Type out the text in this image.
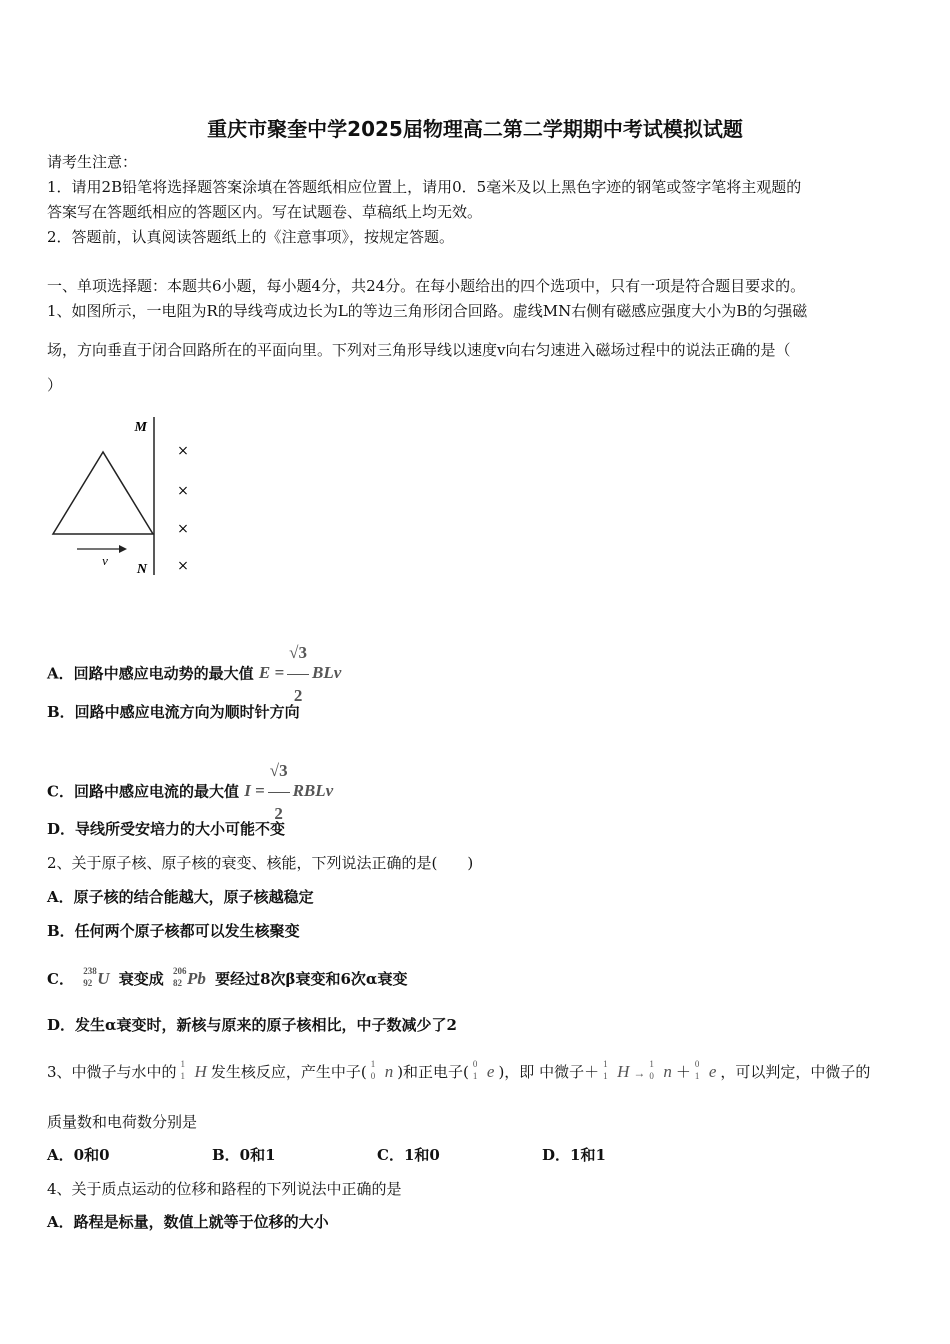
重庆市聚奎中学2025届物理高二第二学期期中考试模拟试题
请考生注意：
1．请用2B铅笔将选择题答案涂填在答题纸相应位置上，请用0．5毫米及以上黑色字迹的钢笔或签字笔将主观题的
答案写在答题纸相应的答题区内。写在试题卷、草稿纸上均无效。
2．答题前，认真阅读答题纸上的《注意事项》，按规定答题。
一、单项选择题：本题共6小题，每小题4分，共24分。在每小题给出的四个选项中，只有一项是符合题目要求的。
1、如图所示，一电阻为R的导线弯成边长为L的等边三角形闭合回路。虚线MN右侧有磁感应强度大小为B的匀强磁
场，方向垂直于闭合回路所在的平面向里。下列对三角形导线以速度v向右匀速进入磁场过程中的说法正确的是（
）
M
N
v
×
×
×
×
A．回路中感应电动势的最大值 $E = \frac{√3}{2}$ BLv
B．回路中感应电流方向为顺时针方向
C．回路中感应电流的最大值 $I = \frac{√3}{2}$ RBLv
D．导线所受安培力的大小可能不变
2、关于原子核、原子核的衰变、核能，下列说法正确的是(　　)
A．原子核的结合能越大，原子核越稳定
B．任何两个原子核都可以发生核聚变
C． 238
92 U 衰变成 206
82 Pb 要经过8次β衰变和6次α衰变
D．发生α衰变时，新核与原来的原子核相比，中子数减少了2
3、中微子与水中的 1
1 H 发生核反应，产生中子( 1
0 n )和正电子( 0
1 e )，即 中微子＋ 1
1 H →
1
0 n ＋ 0
1 e ，可以判定，中微子的
质量数和电荷数分别是
A．0和0	B．0和1	C．1和0	D．1和1
4、关于质点运动的位移和路程的下列说法中正确的是
A．路程是标量，数值上就等于位移的大小
